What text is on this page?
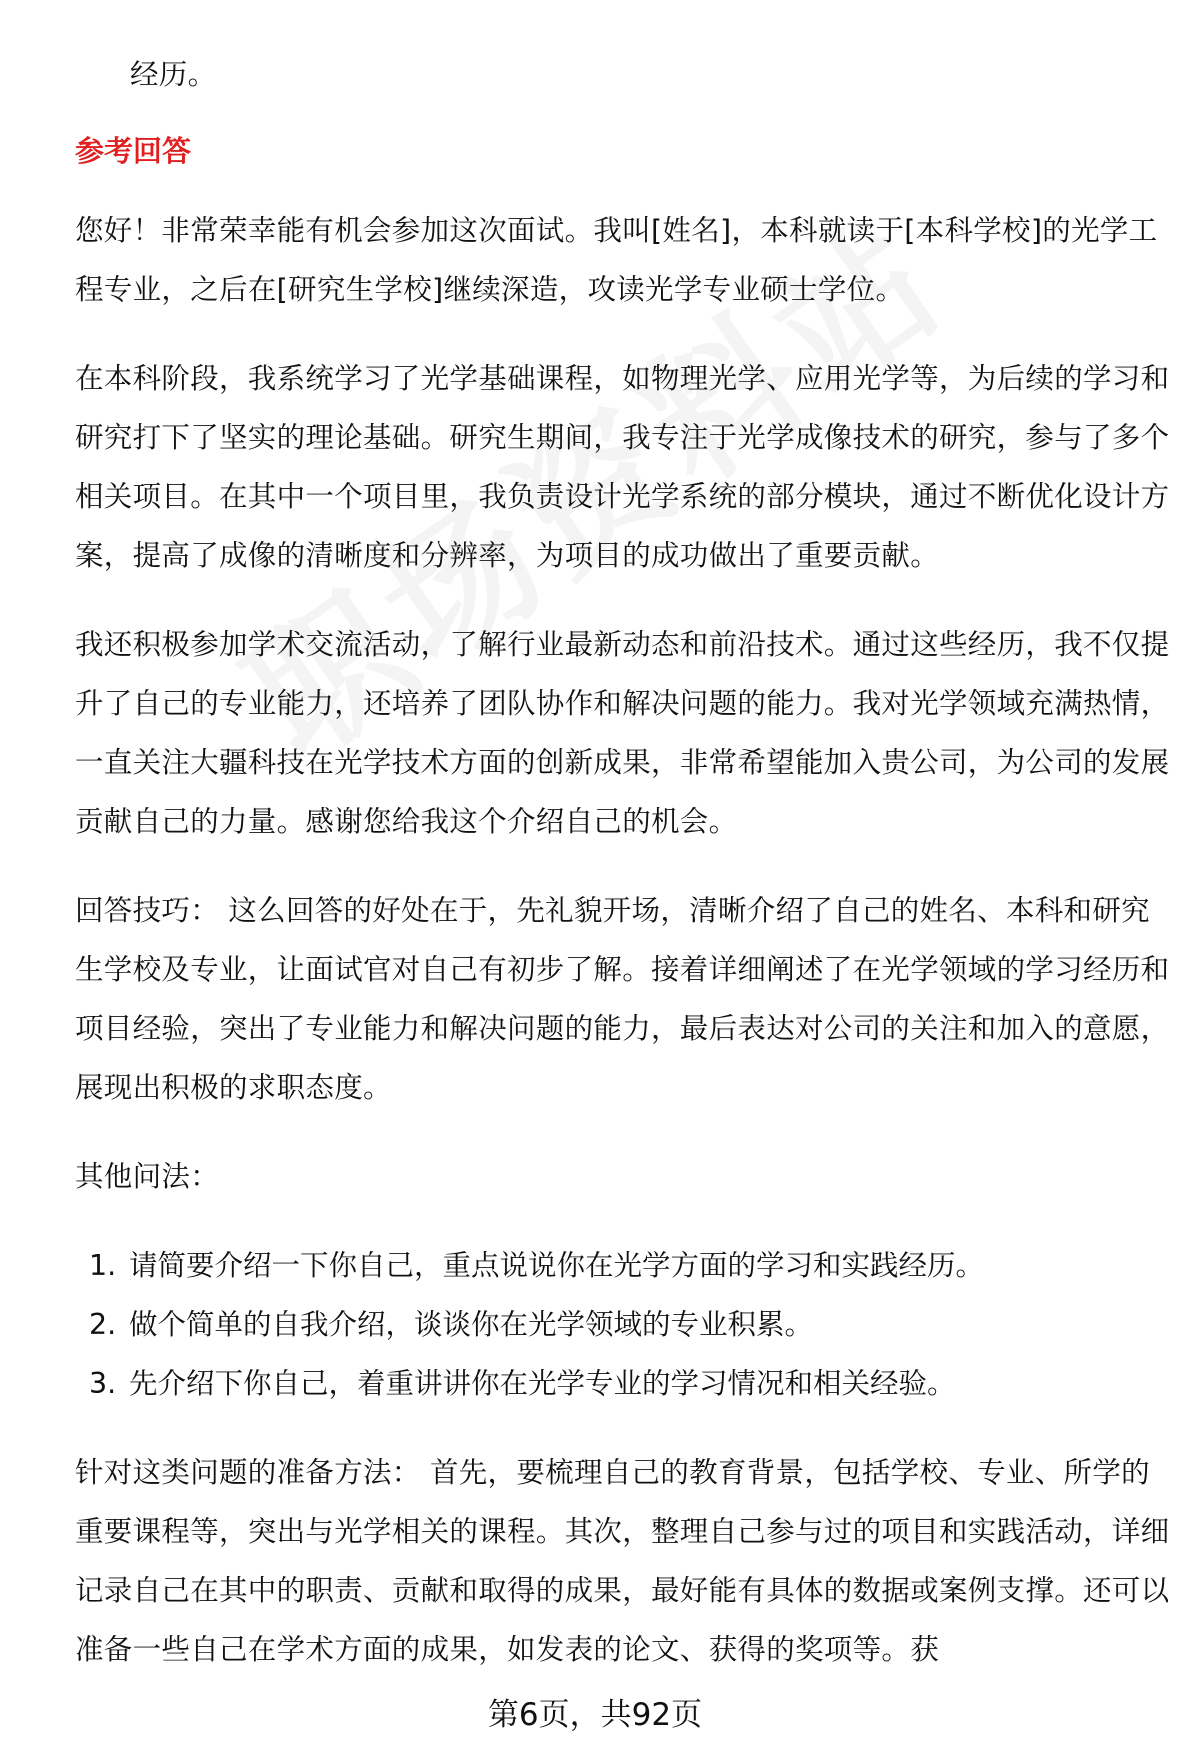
经历。

参考回答

您好！非常荣幸能有机会参加这次面试。我叫[姓名]，本科就读于[本科学校]的光学工程专业，之后在[研究生学校]继续深造，攻读光学专业硕士学位。

在本科阶段，我系统学习了光学基础课程，如物理光学、应用光学等，为后续的学习和研究打下了坚实的理论基础。研究生期间，我专注于光学成像技术的研究，参与了多个相关项目。在其中一个项目里，我负责设计光学系统的部分模块，通过不断优化设计方案，提高了成像的清晰度和分辨率，为项目的成功做出了重要贡献。

我还积极参加学术交流活动，了解行业最新动态和前沿技术。通过这些经历，我不仅提升了自己的专业能力，还培养了团队协作和解决问题的能力。我对光学领域充满热情，一直关注大疆科技在光学技术方面的创新成果，非常希望能加入贵公司，为公司的发展贡献自己的力量。感谢您给我这个介绍自己的机会。

回答技巧： 这么回答的好处在于，先礼貌开场，清晰介绍了自己的姓名、本科和研究生学校及专业，让面试官对自己有初步了解。接着详细阐述了在光学领域的学习经历和项目经验，突出了专业能力和解决问题的能力，最后表达对公司的关注和加入的意愿，展现出积极的求职态度。

其他问法：

1. 请简要介绍一下你自己，重点说说你在光学方面的学习和实践经历。
2. 做个简单的自我介绍，谈谈你在光学领域的专业积累。
3. 先介绍下你自己，着重讲讲你在光学专业的学习情况和相关经验。

针对这类问题的准备方法： 首先，要梳理自己的教育背景，包括学校、专业、所学的重要课程等，突出与光学相关的课程。其次，整理自己参与过的项目和实践活动，详细记录自己在其中的职责、贡献和取得的成果，最好能有具体的数据或案例支撑。还可以准备一些自己在学术方面的成果，如发表的论文、获得的奖项等。获

第6页，共92页
